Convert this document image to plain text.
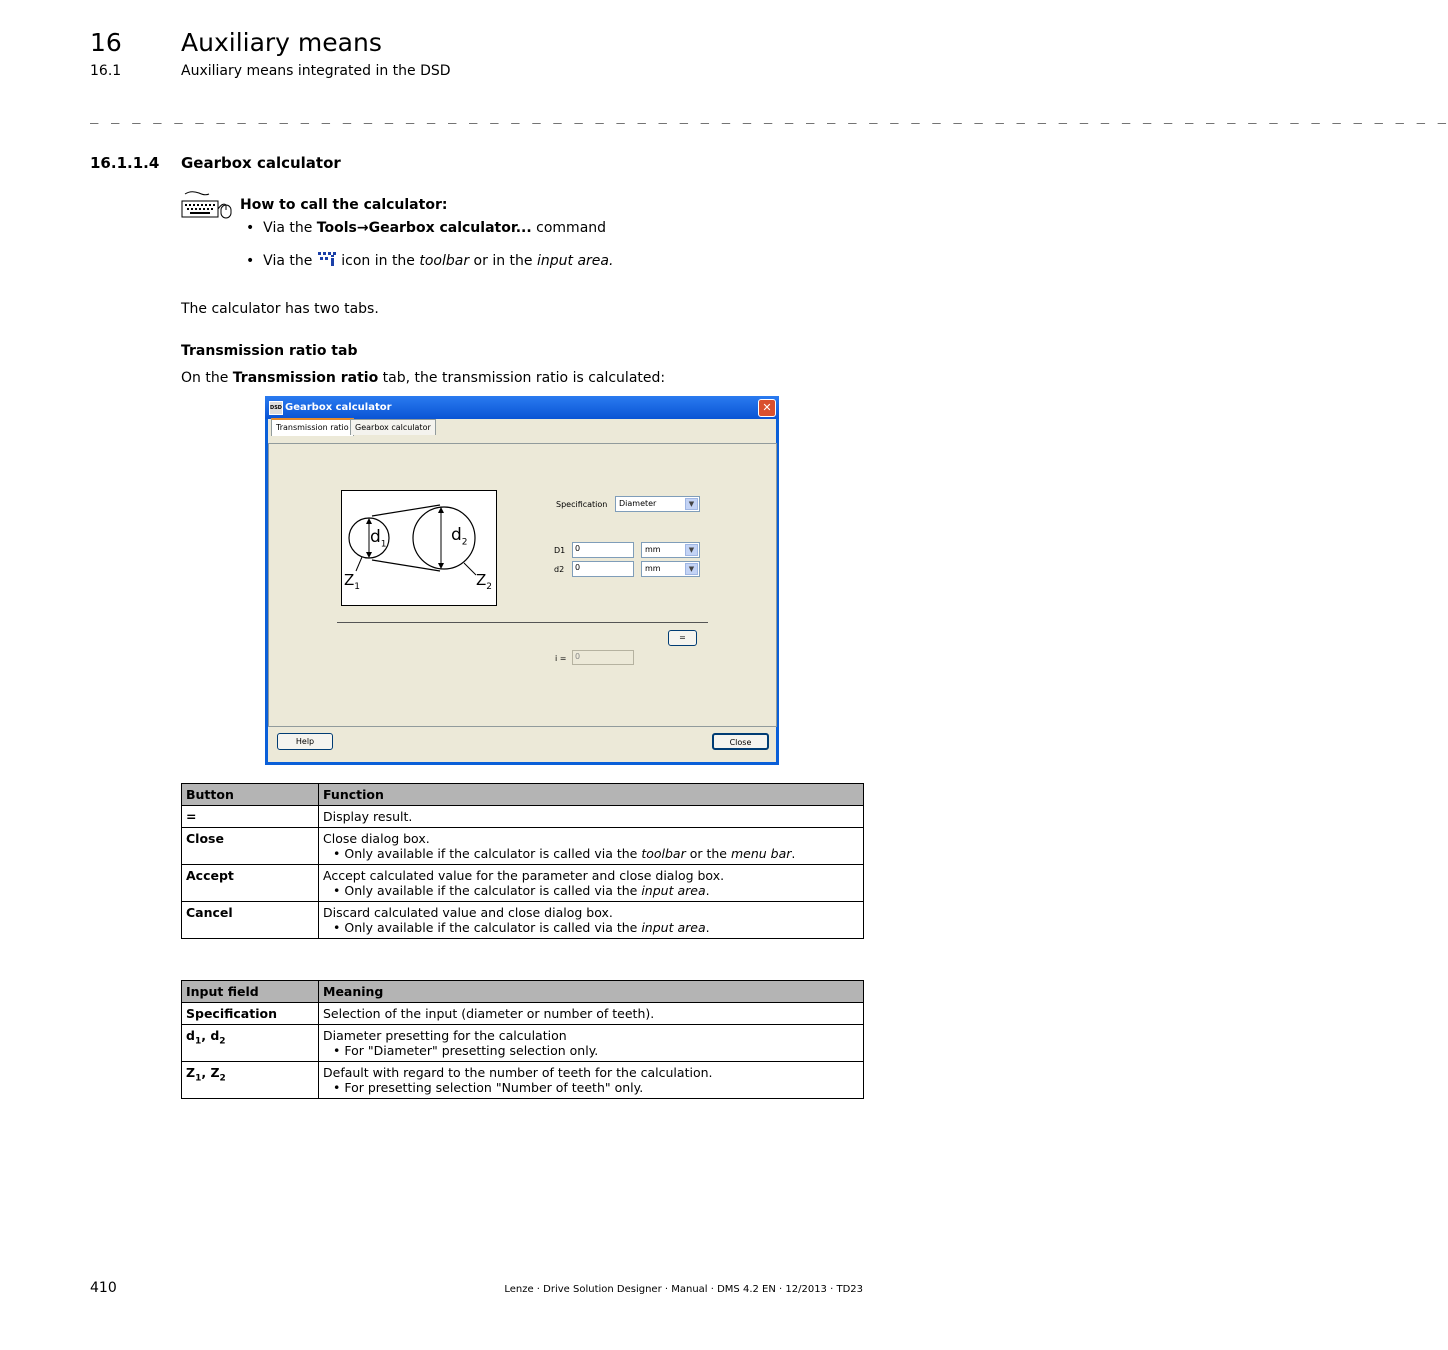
16 Auxiliary means
16.1	Auxiliary means integrated in the DSD
_ _ _ _ _ _ _ _ _ _ _ _ _ _ _ _ _ _ _ _ _ _ _ _ _ _ _ _ _ _ _ _ _ _ _ _ _ _ _ _ _ _ _ _ _ _ _ _ _ _ _ _ _ _ _ _ _ _ _ _ _ _ _ _ _
16.1.1.4 Gearbox calculator
How to call the calculator:
•  Via the Tools→Gearbox calculator... command
•  Via the  icon in the toolbar or in the input area.
The calculator has two tabs.
Transmission ratio tab
On the Transmission ratio tab, the transmission ratio is calculated:
DSD Gearbox calculator	✕
Transmission ratio Gearbox calculator
$d_1$	$d_2$
$Z_1$	$Z_2$
Specification	Diameter	▼
D1	0	mm	▼
d2	0	mm	▼
=
i =	0
Help	Close
Button	Function
=	Display result.
Close	Close dialog box.
• Only available if the calculator is called via the toolbar or the menu bar.

Accept	Accept calculated value for the parameter and close dialog box.
• Only available if the calculator is called via the input area.

Cancel	Discard calculated value and close dialog box.
• Only available if the calculator is called via the input area.
Input field	Meaning
Specification	Selection of the input (diameter or number of teeth).
$d_1$, $d_2$	Diameter presetting for the calculation
• For "Diameter" presetting selection only.

$Z_1$, $Z_2$	Default with regard to the number of teeth for the calculation.
• For presetting selection "Number of teeth" only.
410	Lenze · Drive Solution Designer · Manual · DMS 4.2 EN · 12/2013 · TD23
